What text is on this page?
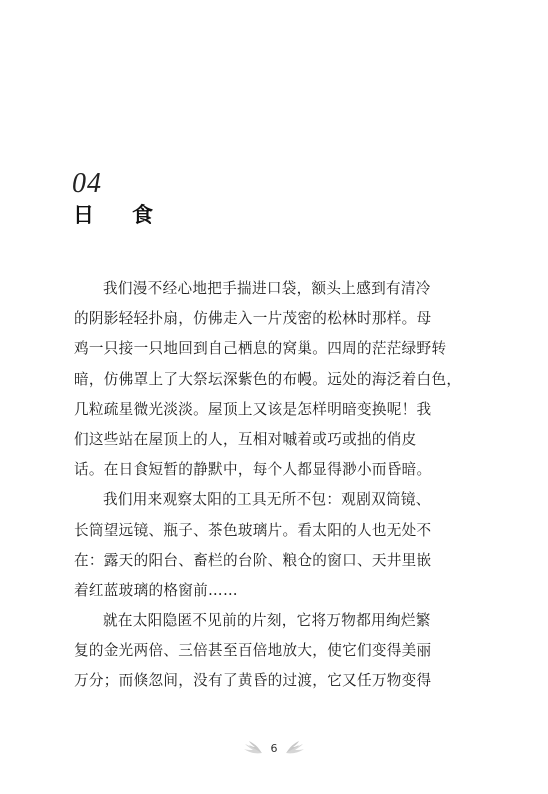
04
日食
我们漫不经心地把手揣进口袋，额头上感到有清冷
的阴影轻轻扑扇，仿佛走入一片茂密的松林时那样。母
鸡一只接一只地回到自己栖息的窝巢。四周的茫茫绿野转
暗，仿佛罩上了大祭坛深紫色的布幔。远处的海泛着白色，
几粒疏星微光淡淡。屋顶上又该是怎样明暗变换呢！我
们这些站在屋顶上的人，互相对嘁着或巧或拙的俏皮
话。在日食短暂的静默中，每个人都显得渺小而昏暗。
我们用来观察太阳的工具无所不包：观剧双筒镜、
长筒望远镜、瓶子、茶色玻璃片。看太阳的人也无处不
在：露天的阳台、畜栏的台阶、粮仓的窗口、天井里嵌
着红蓝玻璃的格窗前……
就在太阳隐匿不见前的片刻，它将万物都用绚烂繁
复的金光两倍、三倍甚至百倍地放大，使它们变得美丽
万分；而倏忽间，没有了黄昏的过渡，它又任万物变得
6
